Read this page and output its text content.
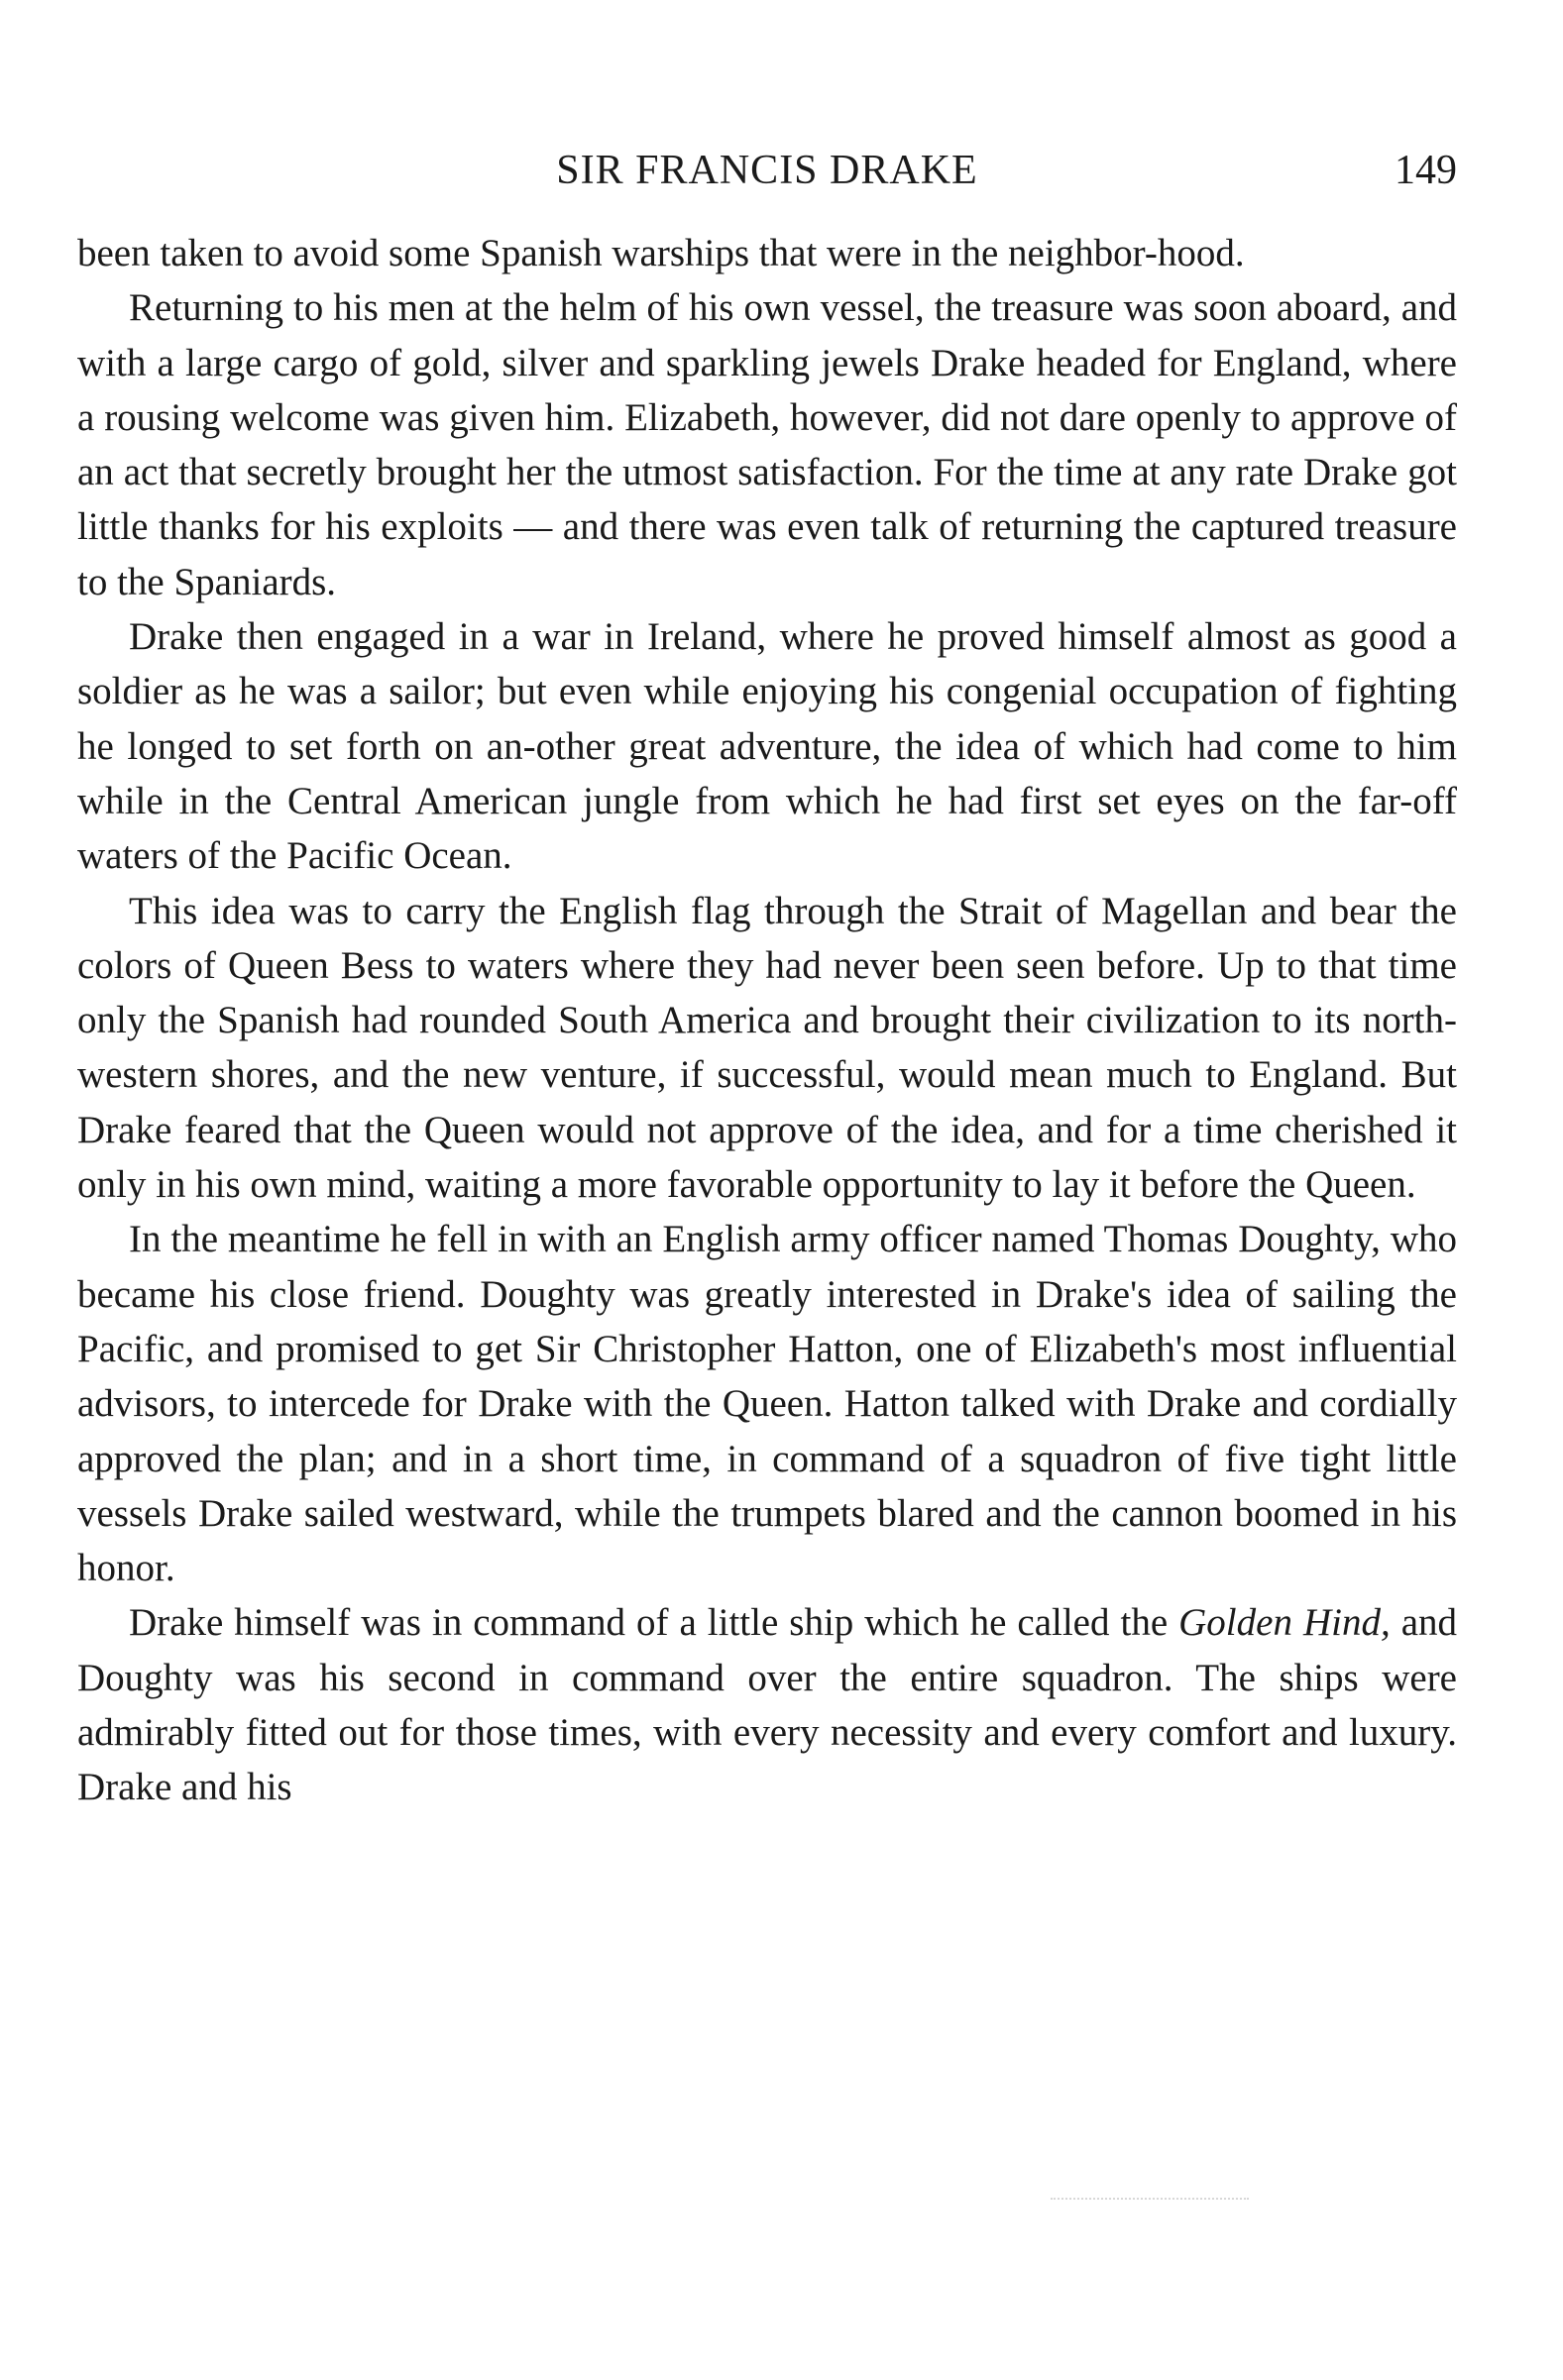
SIR FRANCIS DRAKE	149

been taken to avoid some Spanish warships that were in the neighbor-hood.

Returning to his men at the helm of his own vessel, the treasure was soon aboard, and with a large cargo of gold, silver and sparkling jewels Drake headed for England, where a rousing welcome was given him. Elizabeth, however, did not dare openly to approve of an act that secretly brought her the utmost satisfaction. For the time at any rate Drake got little thanks for his exploits — and there was even talk of returning the captured treasure to the Spaniards.

Drake then engaged in a war in Ireland, where he proved himself almost as good a soldier as he was a sailor; but even while enjoying his congenial occupation of fighting he longed to set forth on an-other great adventure, the idea of which had come to him while in the Central American jungle from which he had first set eyes on the far-off waters of the Pacific Ocean.

This idea was to carry the English flag through the Strait of Magellan and bear the colors of Queen Bess to waters where they had never been seen before. Up to that time only the Spanish had rounded South America and brought their civilization to its north-western shores, and the new venture, if successful, would mean much to England. But Drake feared that the Queen would not approve of the idea, and for a time cherished it only in his own mind, waiting a more favorable opportunity to lay it before the Queen.

In the meantime he fell in with an English army officer named Thomas Doughty, who became his close friend. Doughty was greatly interested in Drake's idea of sailing the Pacific, and promised to get Sir Christopher Hatton, one of Elizabeth's most influential advisors, to intercede for Drake with the Queen. Hatton talked with Drake and cordially approved the plan; and in a short time, in command of a squadron of five tight little vessels Drake sailed westward, while the trumpets blared and the cannon boomed in his honor.

Drake himself was in command of a little ship which he called the Golden Hind, and Doughty was his second in command over the entire squadron. The ships were admirably fitted out for those times, with every necessity and every comfort and luxury. Drake and his
